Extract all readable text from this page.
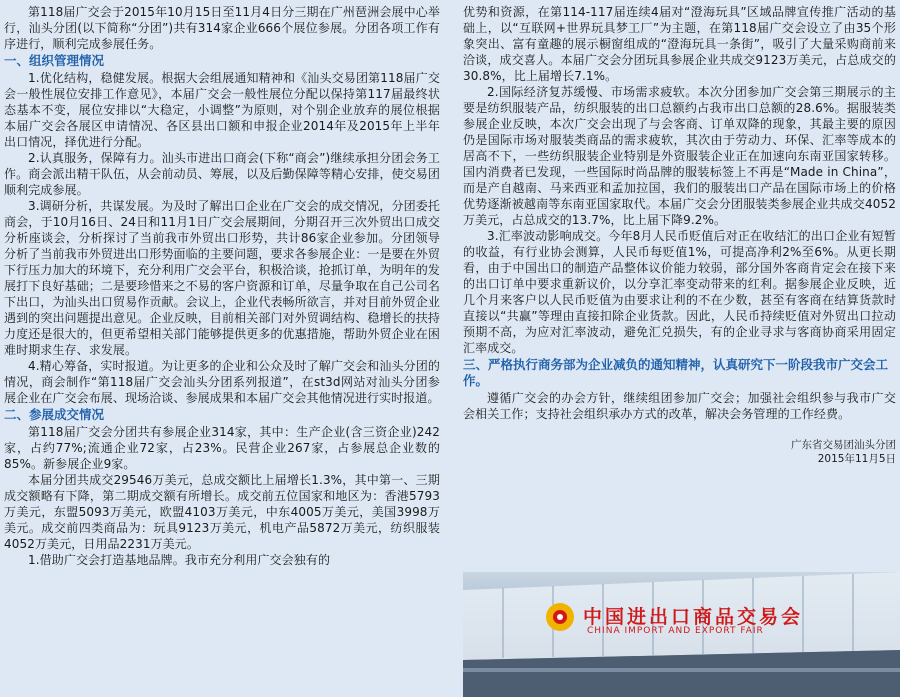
第118届广交会于2015年10月15日至11月4日分三期在广州琶洲会展中心举行，汕头分团(以下简称“分团”)共有314家企业666个展位参展。分团各项工作有序进行，顺利完成参展任务。

一、组织管理情况

1.优化结构，稳健发展。根据大会组展通知精神和《汕头交易团第118届广交会一般性展位安排工作意见》，本届广交会一般性展位分配以保持第117届最终状态基本不变，展位安排以“大稳定，小调整”为原则，对个别企业放弃的展位根据本届广交会各展区申请情况、各区县出口额和申报企业2014年及2015年上半年出口情况，择优进行分配。

2.认真服务，保障有力。汕头市进出口商会(下称“商会”)继续承担分团会务工作。商会派出精干队伍，从会前动员、筹展，以及后勤保障等精心安排，使交易团顺利完成参展。

3.调研分析，共谋发展。为及时了解出口企业在广交会的成交情况，分团委托商会，于10月16日、24日和11月1日广交会展期间，分期召开三次外贸出口成交分析座谈会，分析探讨了当前我市外贸出口形势，共计86家企业参加。分团领导分析了当前我市外贸进出口形势面临的主要问题，要求各参展企业：一是要在外贸下行压力加大的环境下，充分利用广交会平台，积极洽谈，抢抓订单，为明年的发展打下良好基础；二是要珍惜来之不易的客户资源和订单，尽量争取在自己公司名下出口，为汕头出口贸易作贡献。会议上，企业代表畅所欲言，并对目前外贸企业遇到的突出问题提出意见。企业反映，目前相关部门对外贸调结构、稳增长的扶持力度还是很大的，但更希望相关部门能够提供更多的优惠措施，帮助外贸企业在困难时期求生存、求发展。

4.精心筹备，实时报道。为让更多的企业和公众及时了解广交会和汕头分团的情况，商会制作“第118届广交会汕头分团系列报道”，在st3d网站对汕头分团参展企业在广交会布展、现场洽谈、参展成果和本届广交会其他情况进行实时报道。

二、参展成交情况

第118届广交会分团共有参展企业314家，其中：生产企业(含三资企业)242家，占约77%;流通企业72家，占23%。民营企业267家，占参展总企业数的85%。新参展企业9家。

本届分团共成交29546万美元，总成交额比上届增长1.3%，其中第一、三期成交额略有下降，第二期成交额有所增长。成交前五位国家和地区为：香港5793万美元，东盟5093万美元，欧盟4103万美元，中东4005万美元，美国3998万美元。成交前四类商品为：玩具9123万美元，机电产品5872万美元，纺织服装4052万美元，日用品2231万美元。

1.借助广交会打造基地品牌。我市充分利用广交会独有的

优势和资源，在第114-117届连续4届对“澄海玩具”区域品牌宣传推广活动的基础上，以“互联网+世界玩具梦工厂”为主题，在第118届广交会设立了由35个形象突出、富有童趣的展示橱窗组成的“澄海玩具一条街”，吸引了大量采购商前来洽谈，成交喜人。本届广交会分团玩具参展企业共成交9123万美元，占总成交的30.8%，比上届增长7.1%。

2.国际经济复苏缓慢、市场需求疲软。本次分团参加广交会第三期展示的主要是纺织服装产品，纺织服装的出口总额约占我市出口总额的28.6%。据服装类参展企业反映，本次广交会出现了与会客商、订单双降的现象，其最主要的原因仍是国际市场对服装类商品的需求疲软，其次由于劳动力、环保、汇率等成本的居高不下，一些纺织服装企业特别是外资服装企业正在加速向东南亚国家转移。国内消费者已发现，一些国际时尚品牌的服装标签上不再是“Made in China”，而是产自越南、马来西亚和孟加拉国，我们的服装出口产品在国际市场上的价格优势逐渐被越南等东南亚国家取代。本届广交会分团服装类参展企业共成交4052万美元，占总成交的13.7%，比上届下降9.2%。

3.汇率波动影响成交。今年8月人民币贬值后对正在收结汇的出口企业有短暂的收益，有行业协会测算，人民币每贬值1%，可提高净利2%至6%。从更长期看，由于中国出口的制造产品整体议价能力较弱，部分国外客商肯定会在接下来的出口订单中要求重新议价，以分享汇率变动带来的红利。据参展企业反映，近几个月来客户以人民币贬值为由要求让利的不在少数，甚至有客商在结算货款时直接以“共赢”等理由直接扣除企业货款。因此，人民币持续贬值对外贸出口拉动预期不高，为应对汇率波动，避免汇兑损失，有的企业寻求与客商协商采用固定汇率成交。

三、严格执行商务部为企业减负的通知精神，认真研究下一阶段我市广交会工作。

遵循广交会的办会方针，继续组团参加广交会；加强社会组织参与我市广交会相关工作；支持社会组织承办方式的改革，解决会务管理的工作经费。

广东省交易团汕头分团
2015年11月5日
中国进出口商品交易会
CHINA IMPORT AND EXPORT FAIR
